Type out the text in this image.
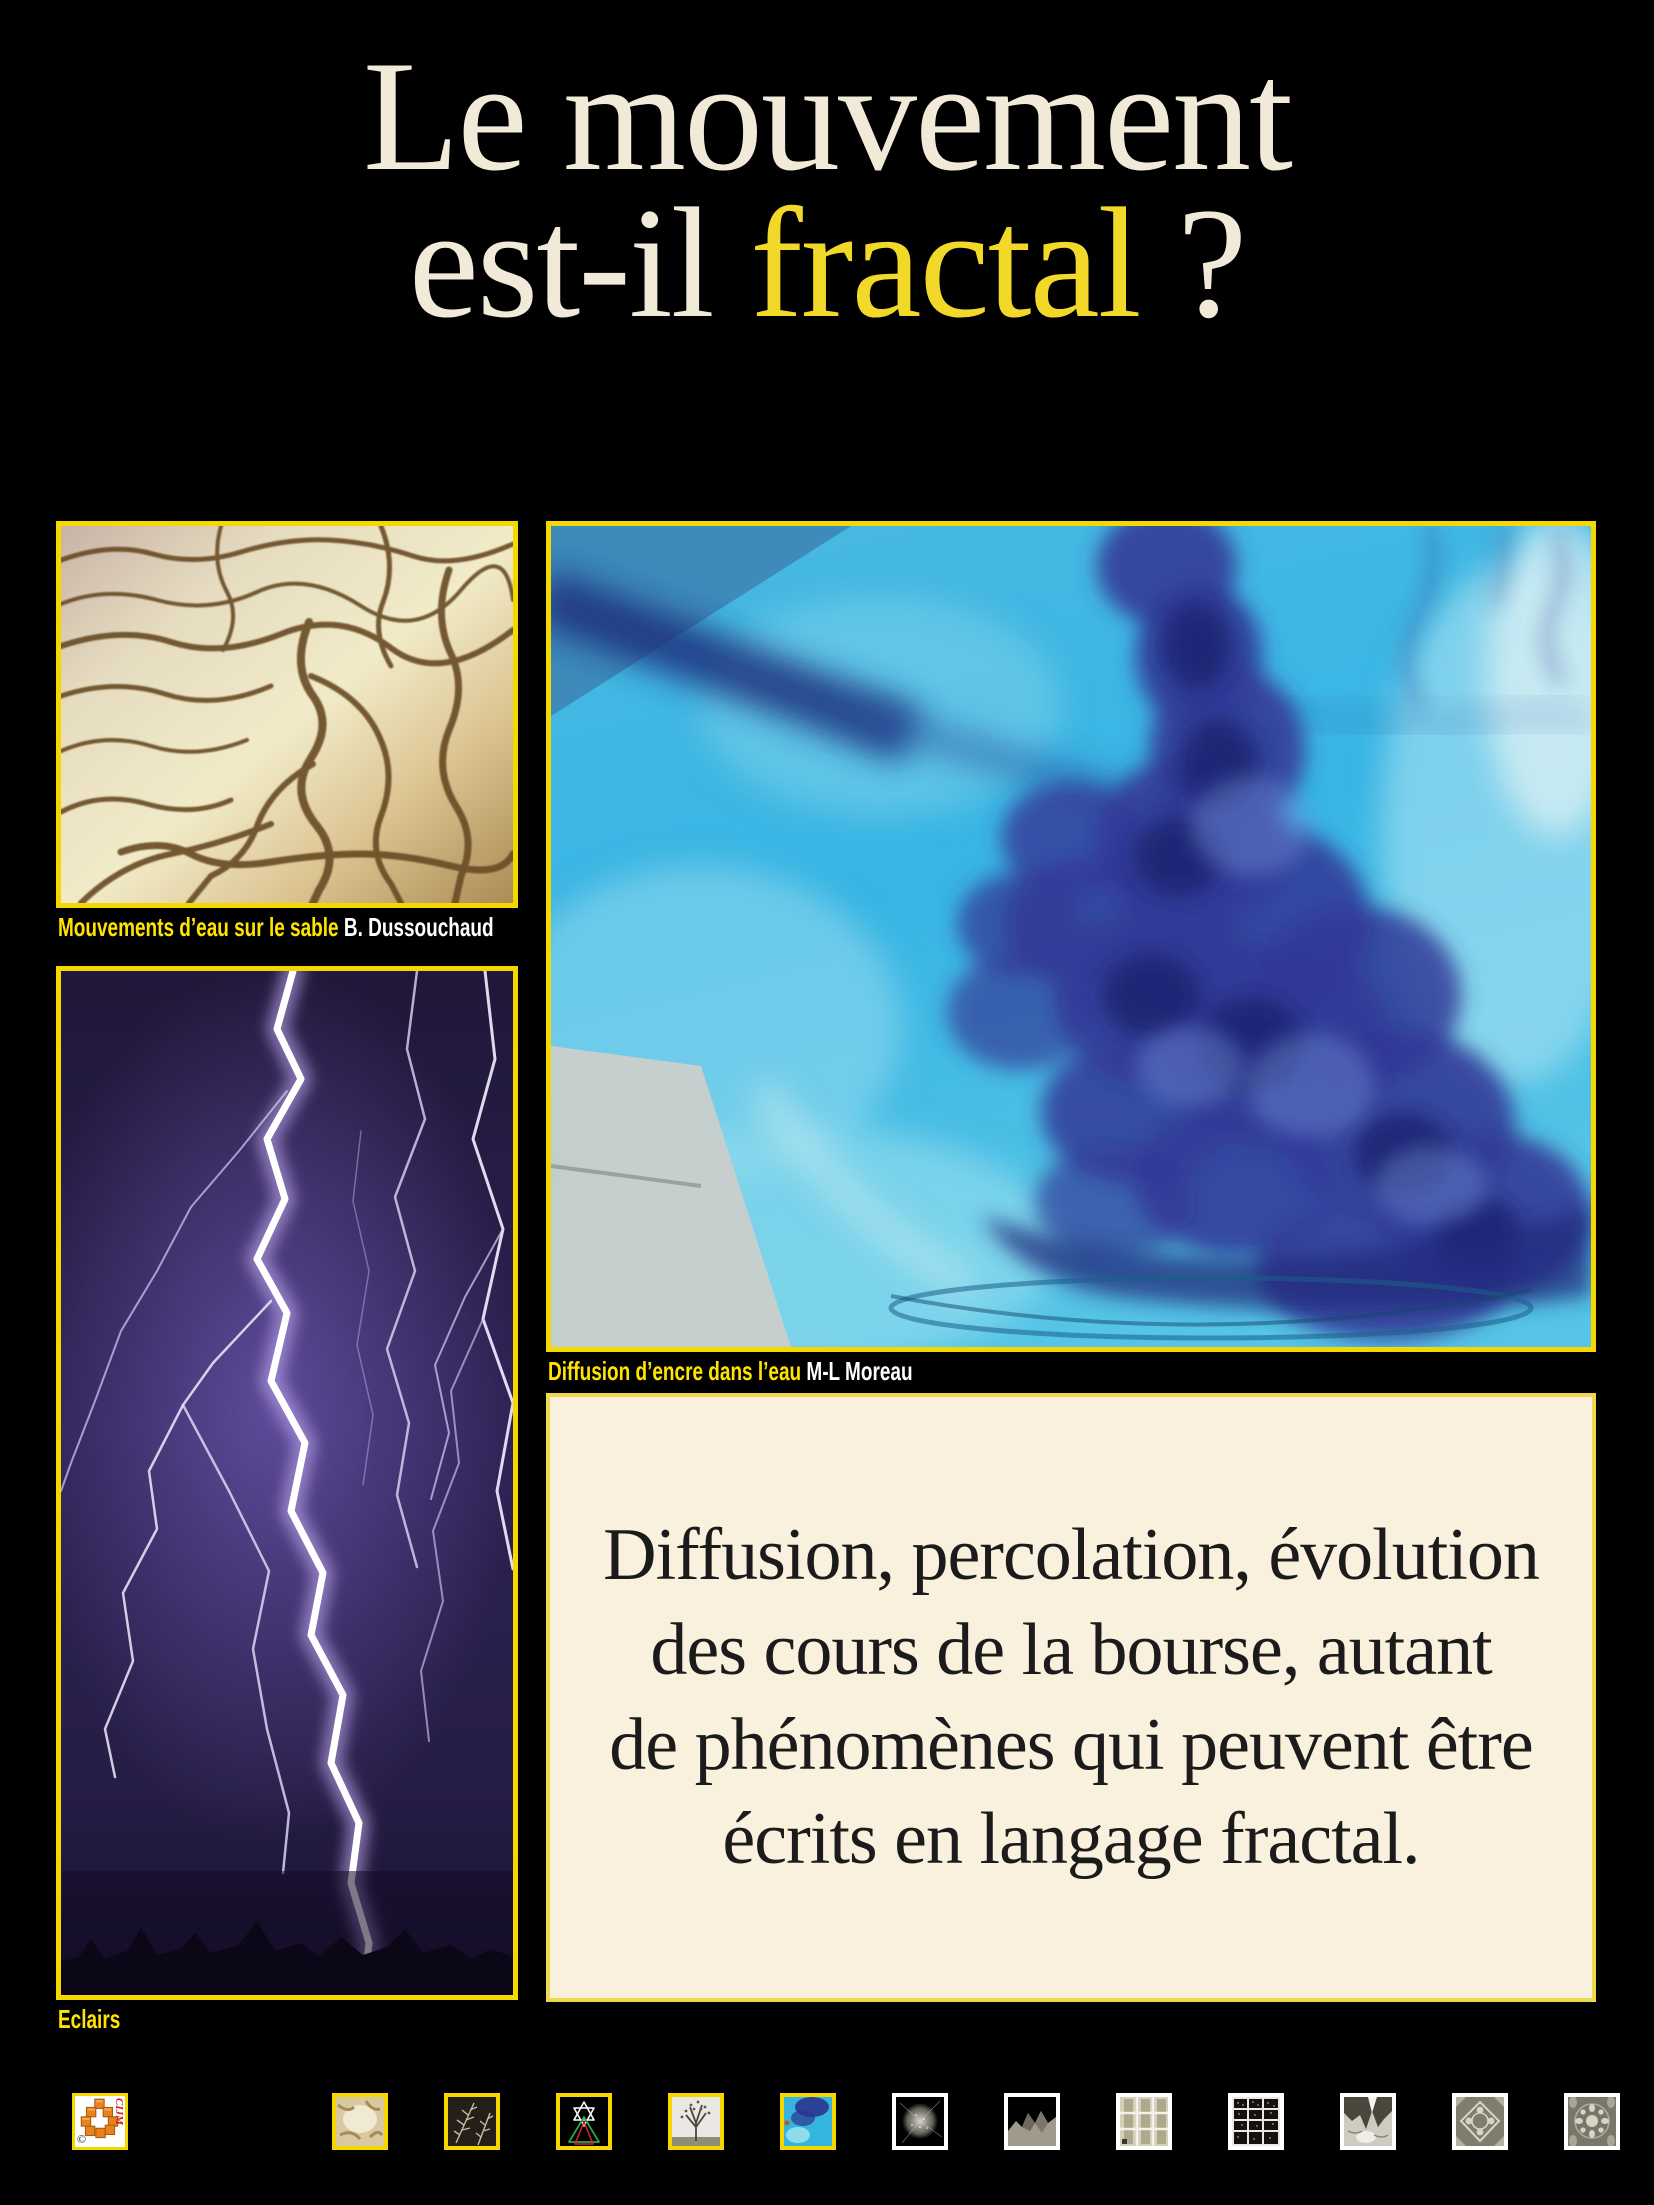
Le mouvement
est-il fractal ?
Mouvements d’eau sur le sable B. Dussouchaud
Eclairs
Diffusion d’encre dans l’eau M-L Moreau
Diffusion, percolation, évolution
des cours de la bourse, autant
de phénomènes qui peuvent être
écrits en langage fractal.
©
CIJM
